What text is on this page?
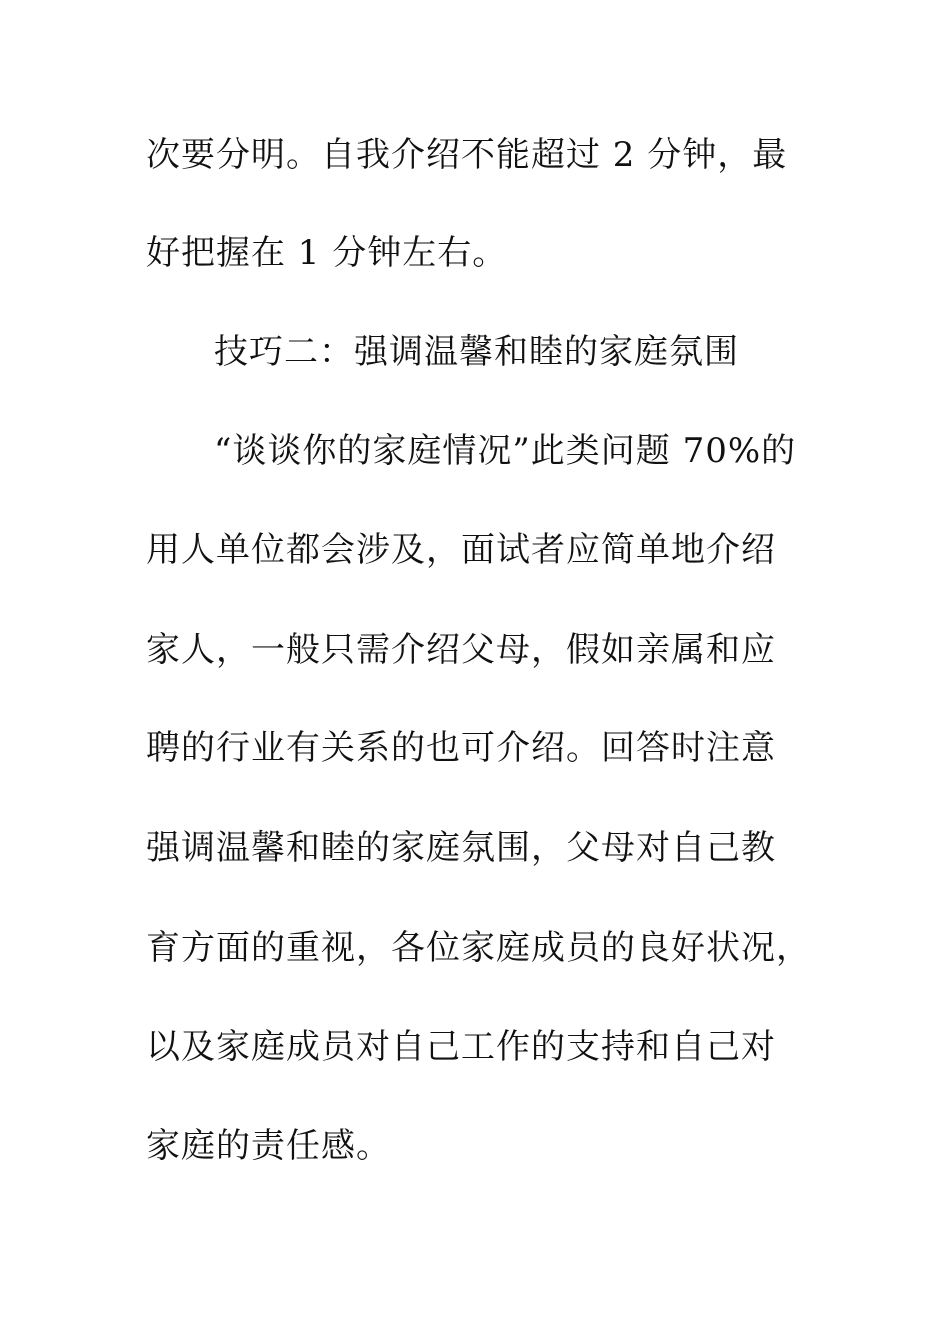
次要分明。自我介绍不能超过 2 分钟，最
好把握在 1 分钟左右。
技巧二：强调温馨和睦的家庭氛围
“谈谈你的家庭情况”此类问题 70%的
用人单位都会涉及，面试者应简单地介绍
家人，一般只需介绍父母，假如亲属和应
聘的行业有关系的也可介绍。回答时注意
强调温馨和睦的家庭氛围，父母对自己教
育方面的重视，各位家庭成员的良好状况，
以及家庭成员对自己工作的支持和自己对
家庭的责任感。
